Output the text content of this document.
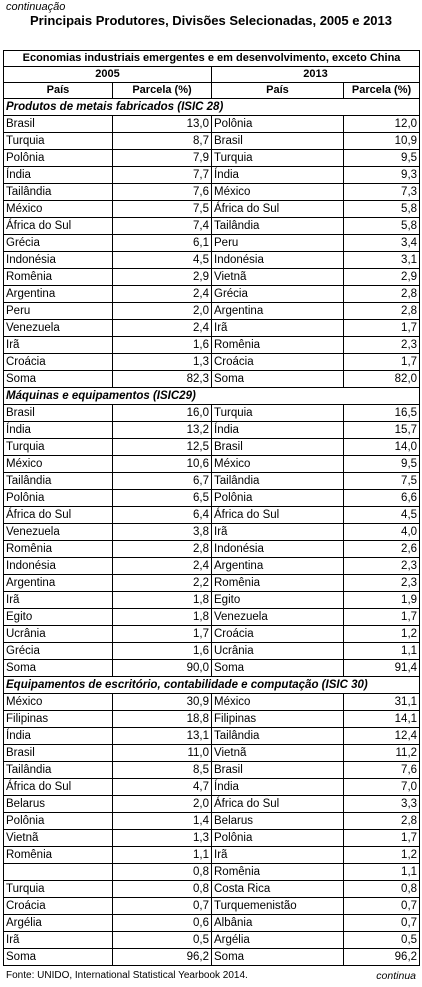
continuação
Principais Produtores, Divisões Selecionadas, 2005 e 2013
Economias industriais emergentes e em desenvolvimento, exceto China			
2005		2013	
País	Parcela (%)	País	Parcela (%)
Produtos de metais fabricados (ISIC 28)			
Brasil	13,0	Polônia	12,0
Turquia	8,7	Brasil	10,9
Polônia	7,9	Turquia	9,5
Índia	7,7	Índia	9,3
Tailândia	7,6	México	7,3
México	7,5	África do Sul	5,8
África do Sul	7,4	Tailândia	5,8
Grécia	6,1	Peru	3,4
Indonésia	4,5	Indonésia	3,1
Romênia	2,9	Vietnã	2,9
Argentina	2,4	Grécia	2,8
Peru	2,0	Argentina	2,8
Venezuela	2,4	Irã	1,7
Irã	1,6	Romênia	2,3
Croácia	1,3	Croácia	1,7
Soma	82,3	Soma	82,0
Máquinas e equipamentos (ISIC29)			
Brasil	16,0	Turquia	16,5
Índia	13,2	Índia	15,7
Turquia	12,5	Brasil	14,0
México	10,6	México	9,5
Tailândia	6,7	Tailândia	7,5
Polônia	6,5	Polônia	6,6
África do Sul	6,4	África do Sul	4,5
Venezuela	3,8	Irã	4,0
Romênia	2,8	Indonésia	2,6
Indonésia	2,4	Argentina	2,3
Argentina	2,2	Romênia	2,3
Irã	1,8	Egito	1,9
Egito	1,8	Venezuela	1,7
Ucrânia	1,7	Croácia	1,2
Grécia	1,6	Ucrânia	1,1
Soma	90,0	Soma	91,4
Equipamentos de escritório, contabilidade e computação (ISIC 30)			
México	30,9	México	31,1
Filipinas	18,8	Filipinas	14,1
Índia	13,1	Tailândia	12,4
Brasil	11,0	Vietnã	11,2
Tailândia	8,5	Brasil	7,6
África do Sul	4,7	Índia	7,0
Belarus	2,0	África do Sul	3,3
Polônia	1,4	Belarus	2,8
Vietnã	1,3	Polônia	1,7
Romênia	1,1	Irã	1,2
	0,8	Romênia	1,1
Turquia	0,8	Costa Rica	0,8
Croácia	0,7	Turquemenistão	0,7
Argélia	0,6	Albânia	0,7
Irã	0,5	Argélia	0,5
Soma	96,2	Soma	96,2
Fonte: UNIDO, International Statistical Yearbook 2014.	continua
